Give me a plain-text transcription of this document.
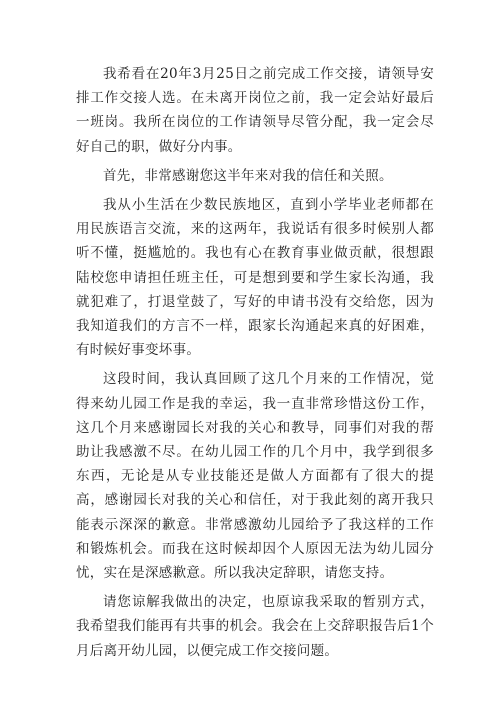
我希看在20年3月25日之前完成工作交接，请领导安排工作交接人选。在未离开岗位之前，我一定会站好最后一班岗。我所在岗位的工作请领导尽管分配，我一定会尽好自己的职，做好分内事。

首先，非常感谢您这半年来对我的信任和关照。

我从小生活在少数民族地区，直到小学毕业老师都在用民族语言交流，来的这两年，我说话有很多时候别人都听不懂，挺尴尬的。我也有心在教育事业做贡献，很想跟陆校您申请担任班主任，可是想到要和学生家长沟通，我就犯难了，打退堂鼓了，写好的申请书没有交给您，因为我知道我们的方言不一样，跟家长沟通起来真的好困难，有时候好事变坏事。

这段时间，我认真回顾了这几个月来的工作情况，觉得来幼儿园工作是我的幸运，我一直非常珍惜这份工作，这几个月来感谢园长对我的关心和教导，同事们对我的帮助让我感激不尽。在幼儿园工作的几个月中，我学到很多东西，无论是从专业技能还是做人方面都有了很大的提高，感谢园长对我的关心和信任，对于我此刻的离开我只能表示深深的歉意。非常感激幼儿园给予了我这样的工作和锻炼机会。而我在这时候却因个人原因无法为幼儿园分忧，实在是深感歉意。所以我决定辞职，请您支持。

请您谅解我做出的决定，也原谅我采取的暂别方式，我希望我们能再有共事的机会。我会在上交辞职报告后1个月后离开幼儿园，以便完成工作交接问题。
